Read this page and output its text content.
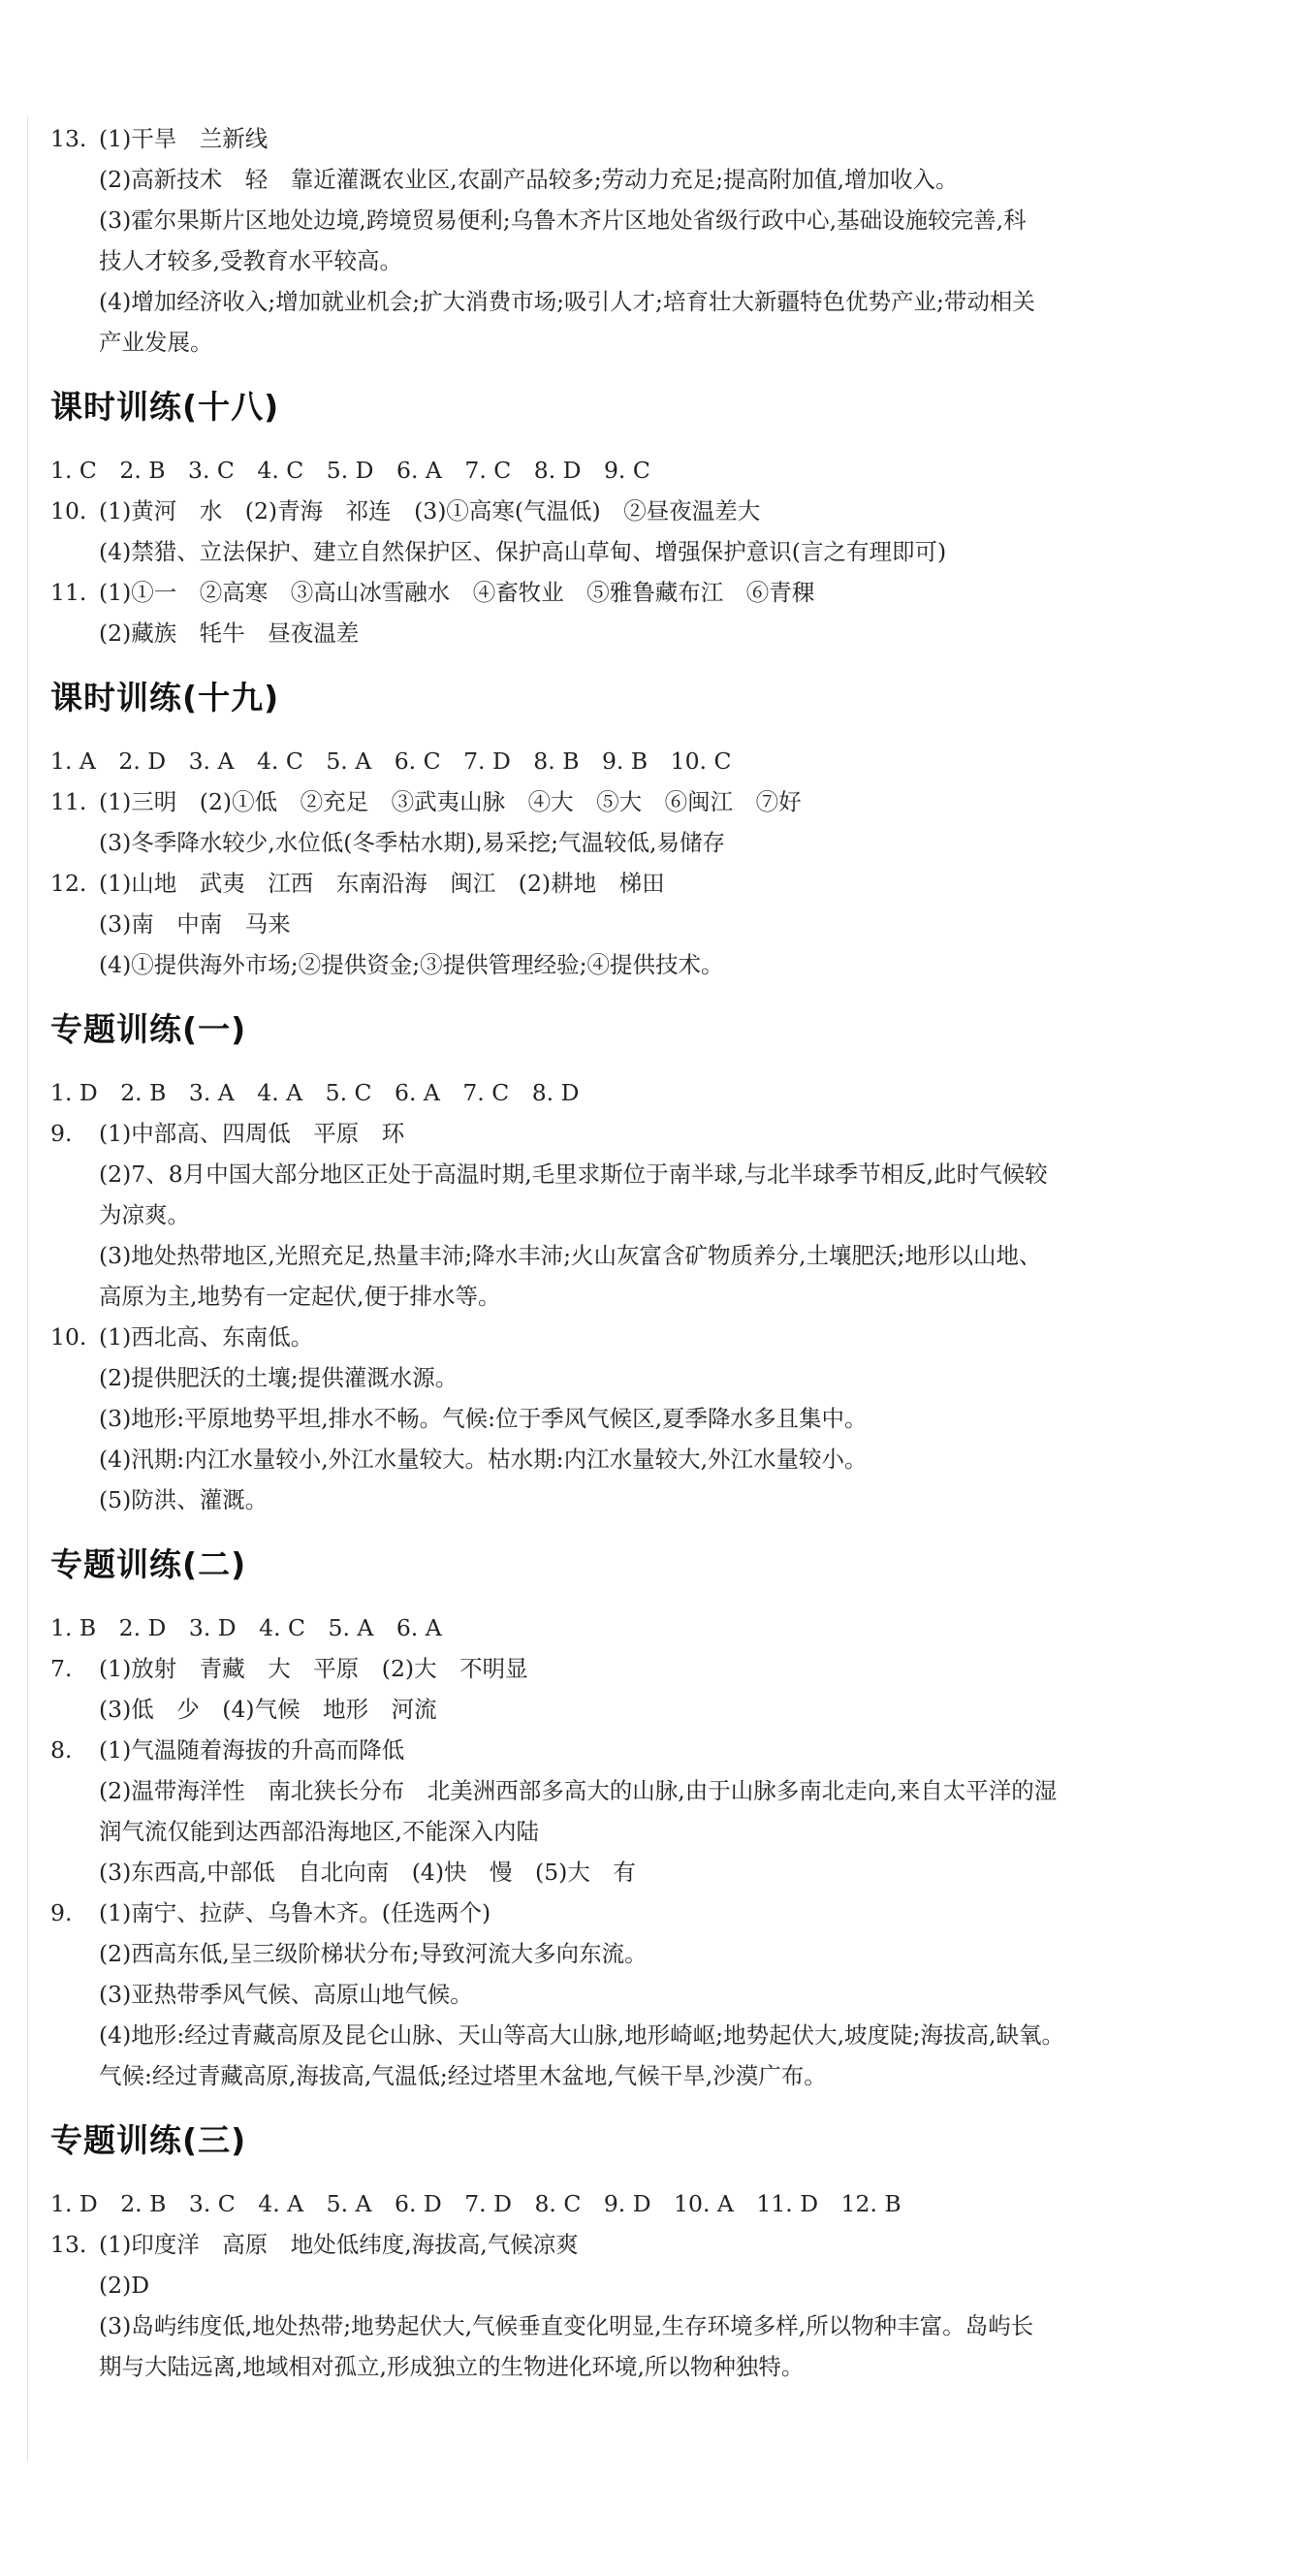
13. (1)干旱　兰新线
(2)高新技术　轻　靠近灌溉农业区,农副产品较多;劳动力充足;提高附加值,增加收入。
(3)霍尔果斯片区地处边境,跨境贸易便利;乌鲁木齐片区地处省级行政中心,基础设施较完善,科
技人才较多,受教育水平较高。
(4)增加经济收入;增加就业机会;扩大消费市场;吸引人才;培育壮大新疆特色优势产业;带动相关
产业发展。
课时训练(十八)
1. C　2. B　3. C　4. C　5. D　6. A　7. C　8. D　9. C
10. (1)黄河　水　(2)青海　祁连　(3)①高寒(气温低)　②昼夜温差大
(4)禁猎、立法保护、建立自然保护区、保护高山草甸、增强保护意识(言之有理即可)
11. (1)①一　②高寒　③高山冰雪融水　④畜牧业　⑤雅鲁藏布江　⑥青稞
(2)藏族　牦牛　昼夜温差
课时训练(十九)
1. A　2. D　3. A　4. C　5. A　6. C　7. D　8. B　9. B　10. C
11. (1)三明　(2)①低　②充足　③武夷山脉　④大　⑤大　⑥闽江　⑦好
(3)冬季降水较少,水位低(冬季枯水期),易采挖;气温较低,易储存
12. (1)山地　武夷　江西　东南沿海　闽江　(2)耕地　梯田
(3)南　中南　马来
(4)①提供海外市场;②提供资金;③提供管理经验;④提供技术。
专题训练(一)
1. D　2. B　3. A　4. A　5. C　6. A　7. C　8. D
9. (1)中部高、四周低　平原　环
(2)7、8月中国大部分地区正处于高温时期,毛里求斯位于南半球,与北半球季节相反,此时气候较
为凉爽。
(3)地处热带地区,光照充足,热量丰沛;降水丰沛;火山灰富含矿物质养分,土壤肥沃;地形以山地、
高原为主,地势有一定起伏,便于排水等。
10. (1)西北高、东南低。
(2)提供肥沃的土壤;提供灌溉水源。
(3)地形:平原地势平坦,排水不畅。气候:位于季风气候区,夏季降水多且集中。
(4)汛期:内江水量较小,外江水量较大。枯水期:内江水量较大,外江水量较小。
(5)防洪、灌溉。
专题训练(二)
1. B　2. D　3. D　4. C　5. A　6. A
7. (1)放射　青藏　大　平原　(2)大　不明显
(3)低　少　(4)气候　地形　河流
8. (1)气温随着海拔的升高而降低
(2)温带海洋性　南北狭长分布　北美洲西部多高大的山脉,由于山脉多南北走向,来自太平洋的湿
润气流仅能到达西部沿海地区,不能深入内陆
(3)东西高,中部低　自北向南　(4)快　慢　(5)大　有
9. (1)南宁、拉萨、乌鲁木齐。(任选两个)
(2)西高东低,呈三级阶梯状分布;导致河流大多向东流。
(3)亚热带季风气候、高原山地气候。
(4)地形:经过青藏高原及昆仑山脉、天山等高大山脉,地形崎岖;地势起伏大,坡度陡;海拔高,缺氧。
气候:经过青藏高原,海拔高,气温低;经过塔里木盆地,气候干旱,沙漠广布。
专题训练(三)
1. D　2. B　3. C　4. A　5. A　6. D　7. D　8. C　9. D　10. A　11. D　12. B
13. (1)印度洋　高原　地处低纬度,海拔高,气候凉爽
(2)D
(3)岛屿纬度低,地处热带;地势起伏大,气候垂直变化明显,生存环境多样,所以物种丰富。岛屿长
期与大陆远离,地域相对孤立,形成独立的生物进化环境,所以物种独特。
